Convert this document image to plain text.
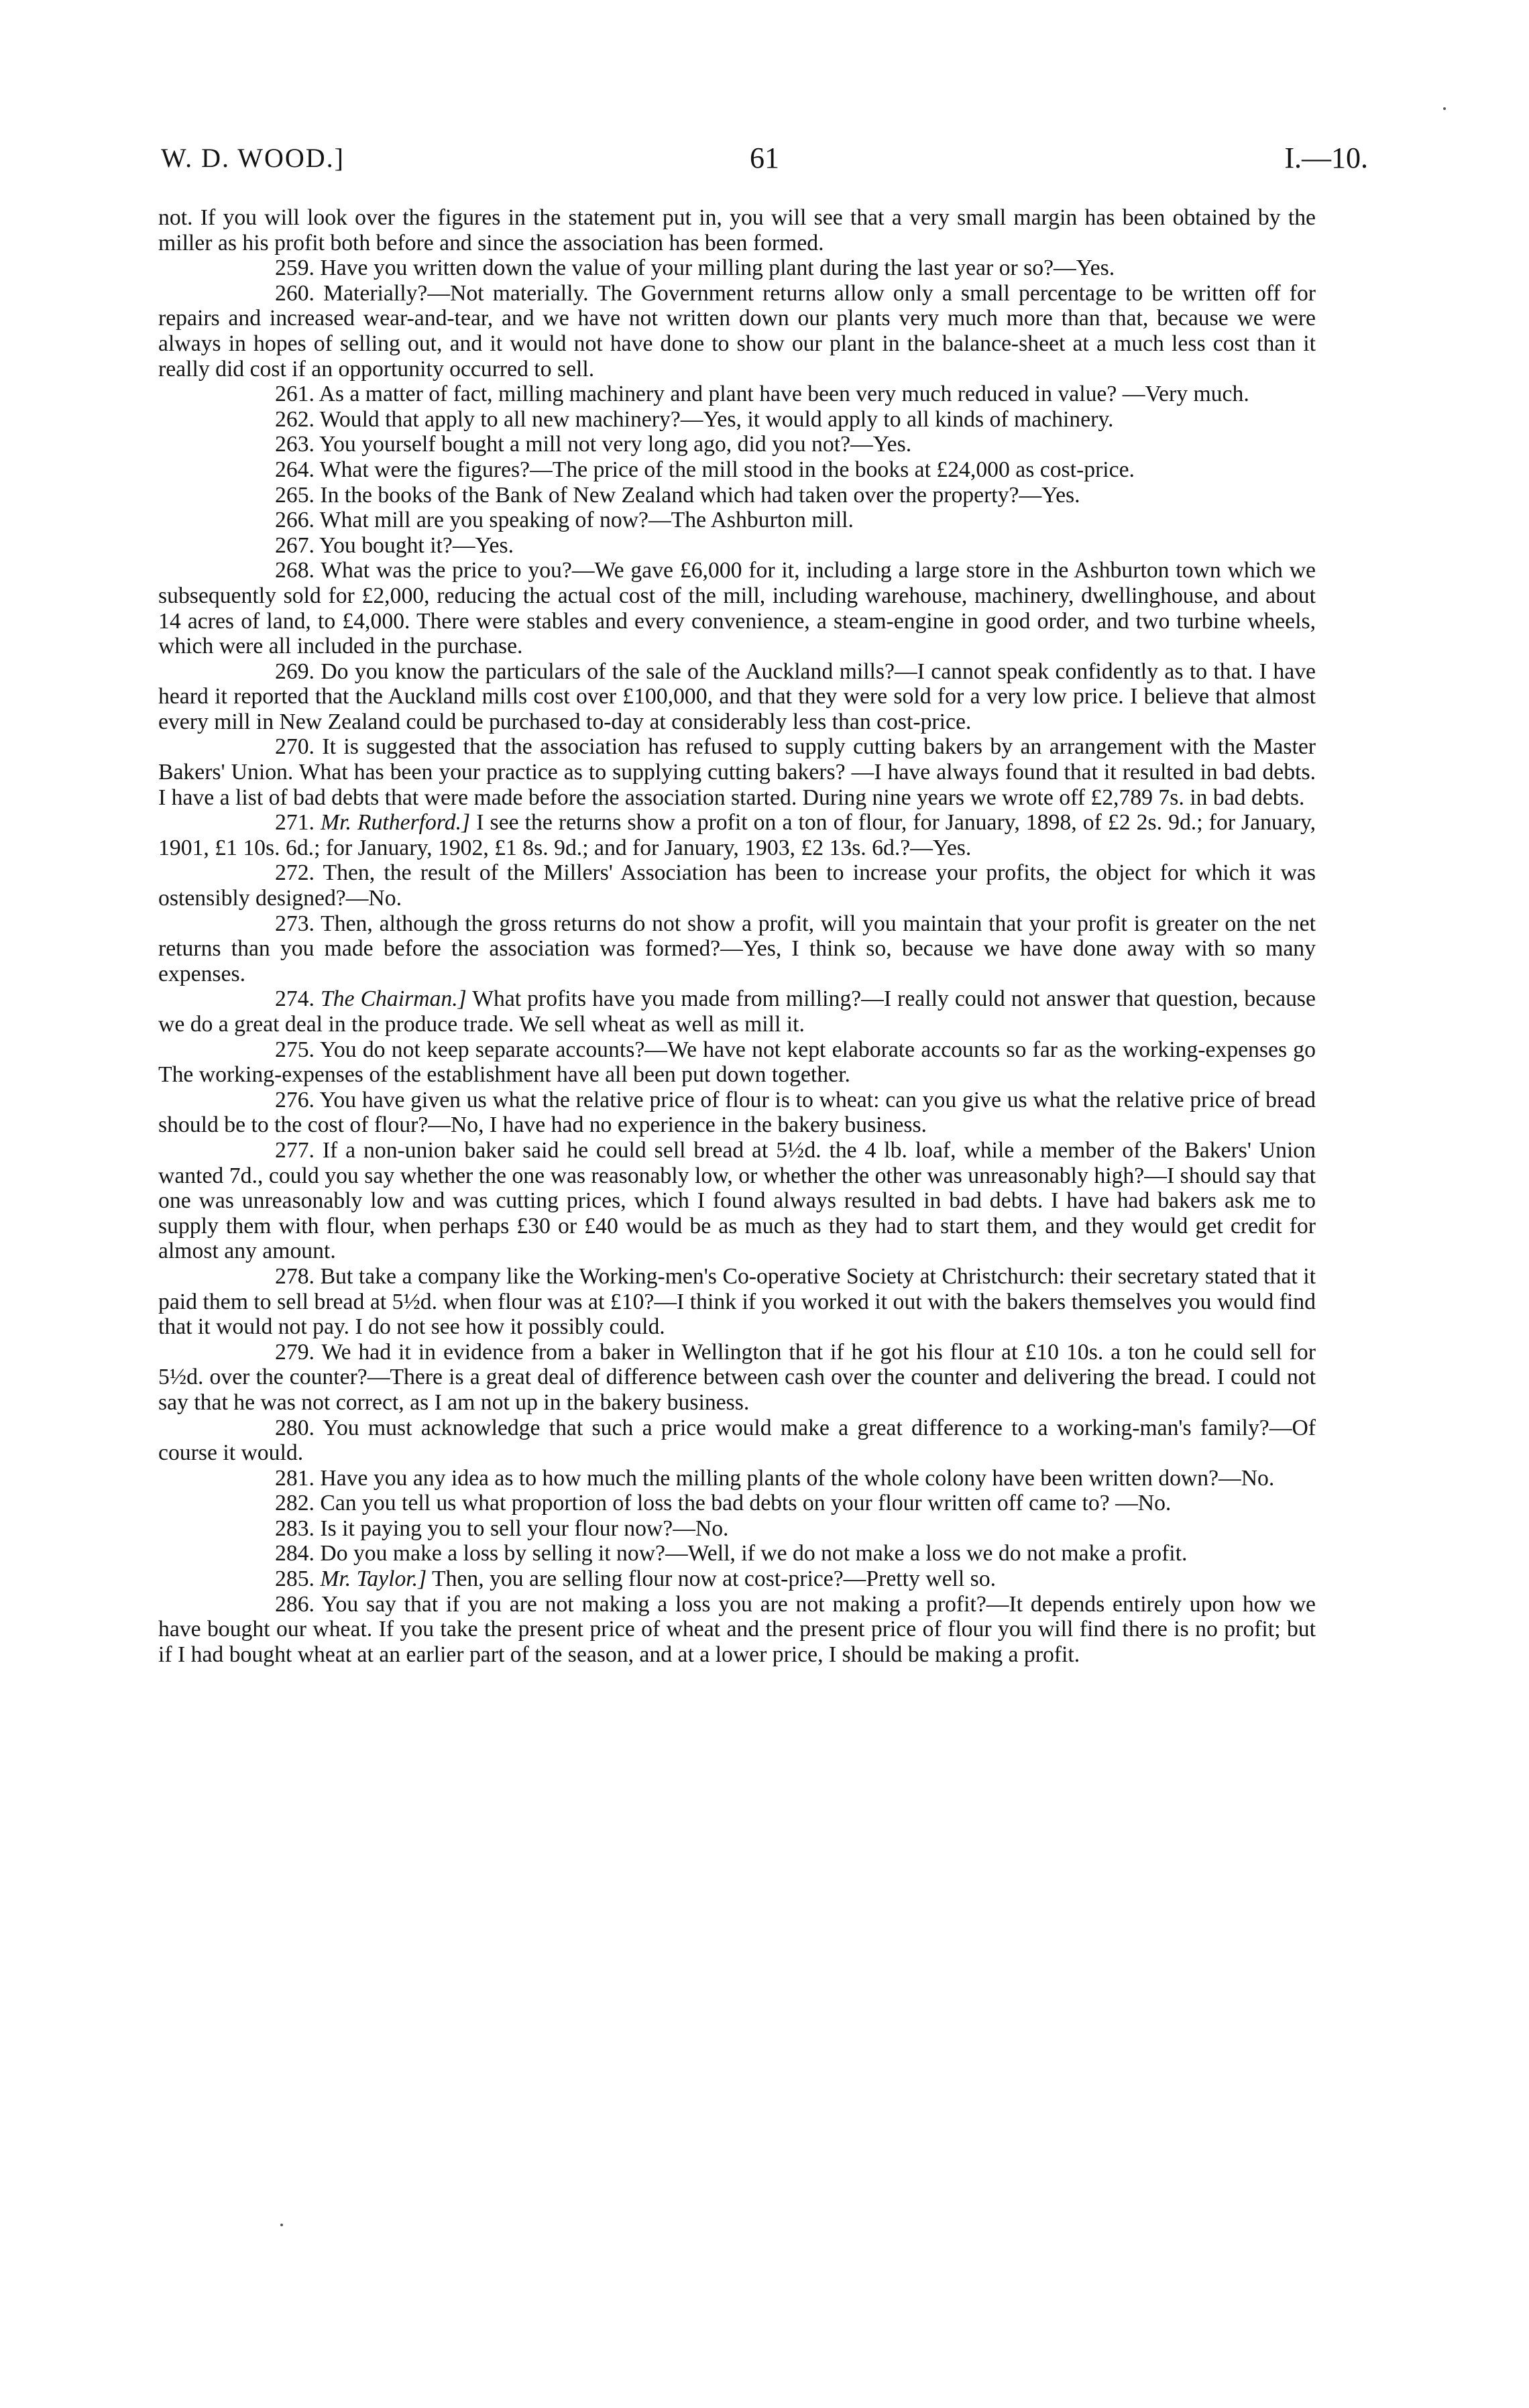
W. D. WOOD.]	61	I.—10.

not. If you will look over the figures in the statement put in, you will see that a very small margin has been obtained by the miller as his profit both before and since the association has been formed.

259. Have you written down the value of your milling plant during the last year or so?—Yes.

260. Materially?—Not materially. The Government returns allow only a small percentage to be written off for repairs and increased wear-and-tear, and we have not written down our plants very much more than that, because we were always in hopes of selling out, and it would not have done to show our plant in the balance-sheet at a much less cost than it really did cost if an opportunity occurred to sell.

261. As a matter of fact, milling machinery and plant have been very much reduced in value? —Very much.

262. Would that apply to all new machinery?—Yes, it would apply to all kinds of machinery.

263. You yourself bought a mill not very long ago, did you not?—Yes.

264. What were the figures?—The price of the mill stood in the books at £24,000 as cost-price.

265. In the books of the Bank of New Zealand which had taken over the property?—Yes.

266. What mill are you speaking of now?—The Ashburton mill.

267. You bought it?—Yes.

268. What was the price to you?—We gave £6,000 for it, including a large store in the Ashburton town which we subsequently sold for £2,000, reducing the actual cost of the mill, including warehouse, machinery, dwellinghouse, and about 14 acres of land, to £4,000. There were stables and every convenience, a steam-engine in good order, and two turbine wheels, which were all included in the purchase.

269. Do you know the particulars of the sale of the Auckland mills?—I cannot speak confidently as to that. I have heard it reported that the Auckland mills cost over £100,000, and that they were sold for a very low price. I believe that almost every mill in New Zealand could be purchased to-day at considerably less than cost-price.

270. It is suggested that the association has refused to supply cutting bakers by an arrangement with the Master Bakers' Union. What has been your practice as to supplying cutting bakers? —I have always found that it resulted in bad debts. I have a list of bad debts that were made before the association started. During nine years we wrote off £2,789 7s. in bad debts.

271. Mr. Rutherford.] I see the returns show a profit on a ton of flour, for January, 1898, of £2 2s. 9d.; for January, 1901, £1 10s. 6d.; for January, 1902, £1 8s. 9d.; and for January, 1903, £2 13s. 6d.?—Yes.

272. Then, the result of the Millers' Association has been to increase your profits, the object for which it was ostensibly designed?—No.

273. Then, although the gross returns do not show a profit, will you maintain that your profit is greater on the net returns than you made before the association was formed?—Yes, I think so, because we have done away with so many expenses.

274. The Chairman.] What profits have you made from milling?—I really could not answer that question, because we do a great deal in the produce trade. We sell wheat as well as mill it.

275. You do not keep separate accounts?—We have not kept elaborate accounts so far as the working-expenses go The working-expenses of the establishment have all been put down together.

276. You have given us what the relative price of flour is to wheat: can you give us what the relative price of bread should be to the cost of flour?—No, I have had no experience in the bakery business.

277. If a non-union baker said he could sell bread at 5½d. the 4 lb. loaf, while a member of the Bakers' Union wanted 7d., could you say whether the one was reasonably low, or whether the other was unreasonably high?—I should say that one was unreasonably low and was cutting prices, which I found always resulted in bad debts. I have had bakers ask me to supply them with flour, when perhaps £30 or £40 would be as much as they had to start them, and they would get credit for almost any amount.

278. But take a company like the Working-men's Co-operative Society at Christchurch: their secretary stated that it paid them to sell bread at 5½d. when flour was at £10?—I think if you worked it out with the bakers themselves you would find that it would not pay. I do not see how it possibly could.

279. We had it in evidence from a baker in Wellington that if he got his flour at £10 10s. a ton he could sell for 5½d. over the counter?—There is a great deal of difference between cash over the counter and delivering the bread. I could not say that he was not correct, as I am not up in the bakery business.

280. You must acknowledge that such a price would make a great difference to a working-man's family?—Of course it would.

281. Have you any idea as to how much the milling plants of the whole colony have been written down?—No.

282. Can you tell us what proportion of loss the bad debts on your flour written off came to? —No.

283. Is it paying you to sell your flour now?—No.

284. Do you make a loss by selling it now?—Well, if we do not make a loss we do not make a profit.

285. Mr. Taylor.] Then, you are selling flour now at cost-price?—Pretty well so.

286. You say that if you are not making a loss you are not making a profit?—It depends entirely upon how we have bought our wheat. If you take the present price of wheat and the present price of flour you will find there is no profit; but if I had bought wheat at an earlier part of the season, and at a lower price, I should be making a profit.
